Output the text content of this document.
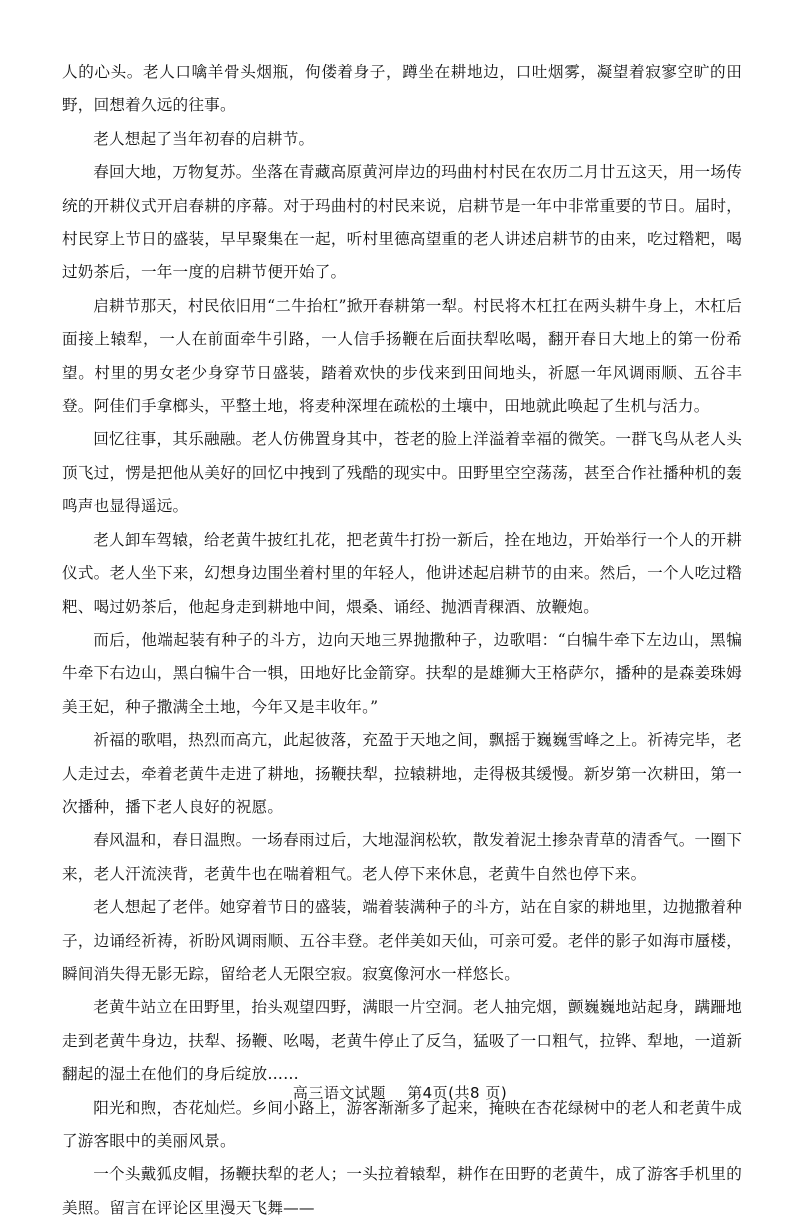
人的心头。老人口噙羊骨头烟瓶，佝偻着身子，蹲坐在耕地边，口吐烟雾，凝望着寂寥空旷的田野，回想着久远的往事。

老人想起了当年初春的启耕节。

春回大地，万物复苏。坐落在青藏高原黄河岸边的玛曲村村民在农历二月廿五这天，用一场传统的开耕仪式开启春耕的序幕。对于玛曲村的村民来说，启耕节是一年中非常重要的节日。届时，村民穿上节日的盛装，早早聚集在一起，听村里德高望重的老人讲述启耕节的由来，吃过糌粑，喝过奶茶后，一年一度的启耕节便开始了。

启耕节那天，村民依旧用“二牛抬杠”掀开春耕第一犁。村民将木杠扛在两头耕牛身上，木杠后面接上辕犁，一人在前面牵牛引路，一人信手扬鞭在后面扶犁吆喝，翻开春日大地上的第一份希望。村里的男女老少身穿节日盛装，踏着欢快的步伐来到田间地头，祈愿一年风调雨顺、五谷丰登。阿佳们手拿榔头，平整土地，将麦种深埋在疏松的土壤中，田地就此唤起了生机与活力。

回忆往事，其乐融融。老人仿佛置身其中，苍老的脸上洋溢着幸福的微笑。一群飞鸟从老人头顶飞过，愣是把他从美好的回忆中拽到了残酷的现实中。田野里空空荡荡，甚至合作社播种机的轰鸣声也显得遥远。

老人卸车驾辕，给老黄牛披红扎花，把老黄牛打扮一新后，拴在地边，开始举行一个人的开耕仪式。老人坐下来，幻想身边围坐着村里的年轻人，他讲述起启耕节的由来。然后，一个人吃过糌粑、喝过奶茶后，他起身走到耕地中间，煨桑、诵经、抛洒青稞酒、放鞭炮。

而后，他端起装有种子的斗方，边向天地三界抛撒种子，边歌唱：“白犏牛牵下左边山，黑犏牛牵下右边山，黑白犏牛合一犋，田地好比金箭穿。扶犁的是雄狮大王格萨尔，播种的是森姜珠姆美王妃，种子撒满全土地，今年又是丰收年。”

祈福的歌唱，热烈而高亢，此起彼落，充盈于天地之间，飘摇于巍巍雪峰之上。祈祷完毕，老人走过去，牵着老黄牛走进了耕地，扬鞭扶犁，拉辕耕地，走得极其缓慢。新岁第一次耕田，第一次播种，播下老人良好的祝愿。

春风温和，春日温煦。一场春雨过后，大地湿润松软，散发着泥土掺杂青草的清香气。一圈下来，老人汗流浃背，老黄牛也在喘着粗气。老人停下来休息，老黄牛自然也停下来。

老人想起了老伴。她穿着节日的盛装，端着装满种子的斗方，站在自家的耕地里，边抛撒着种子，边诵经祈祷，祈盼风调雨顺、五谷丰登。老伴美如天仙，可亲可爱。老伴的影子如海市蜃楼，瞬间消失得无影无踪，留给老人无限空寂。寂寞像河水一样悠长。

老黄牛站立在田野里，抬头观望四野，满眼一片空洞。老人抽完烟，颤巍巍地站起身，蹒跚地走到老黄牛身边，扶犁、扬鞭、吆喝，老黄牛停止了反刍，猛吸了一口粗气，拉铧、犁地，一道新翻起的湿土在他们的身后绽放……

阳光和煦，杏花灿烂。乡间小路上，游客渐渐多了起来，掩映在杏花绿树中的老人和老黄牛成了游客眼中的美丽风景。

一个头戴狐皮帽，扬鞭扶犁的老人；一头拉着辕犁，耕作在田野的老黄牛，成了游客手机里的美照。留言在评论区里漫天飞舞——

高三语文试题 第4页(共8 页)
